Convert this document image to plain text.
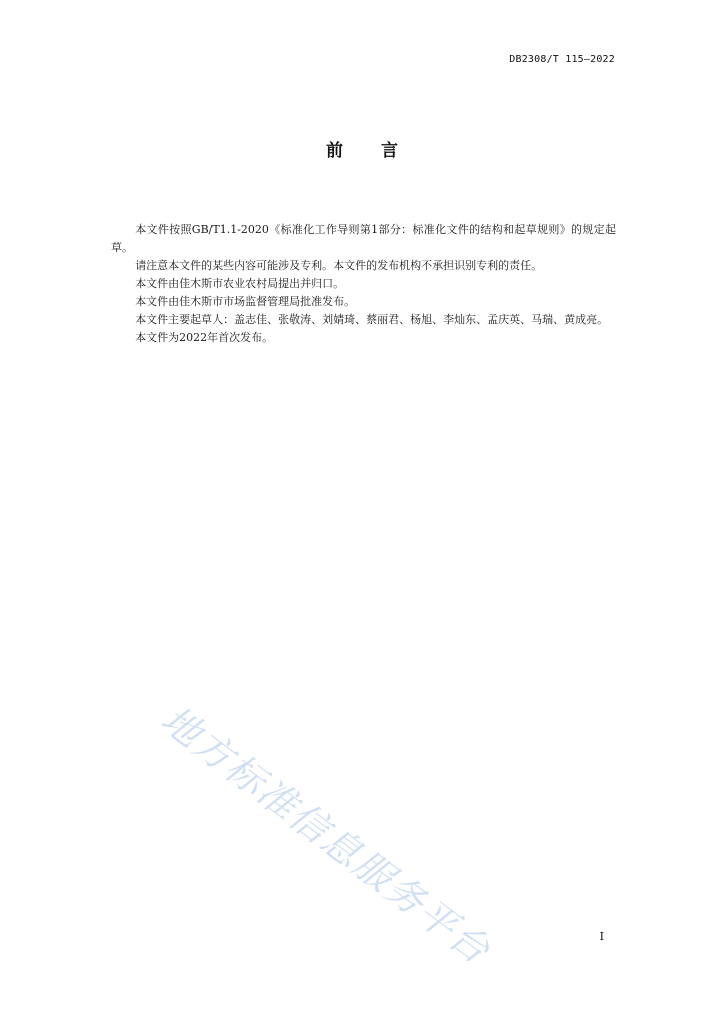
DB2308/T 115—2022
前 言

本文件按照GB/T1.1-2020《标准化工作导则第1部分：标准化文件的结构和起草规则》的规定起草。

请注意本文件的某些内容可能涉及专利。本文件的发布机构不承担识别专利的责任。

本文件由佳木斯市农业农村局提出并归口。

本文件由佳木斯市市场监督管理局批准发布。

本文件主要起草人：盖志佳、张敬涛、刘婧琦、蔡丽君、杨旭、李灿东、孟庆英、马瑞、黄成亮。

本文件为2022年首次发布。

地方标准信息服务平台	I
